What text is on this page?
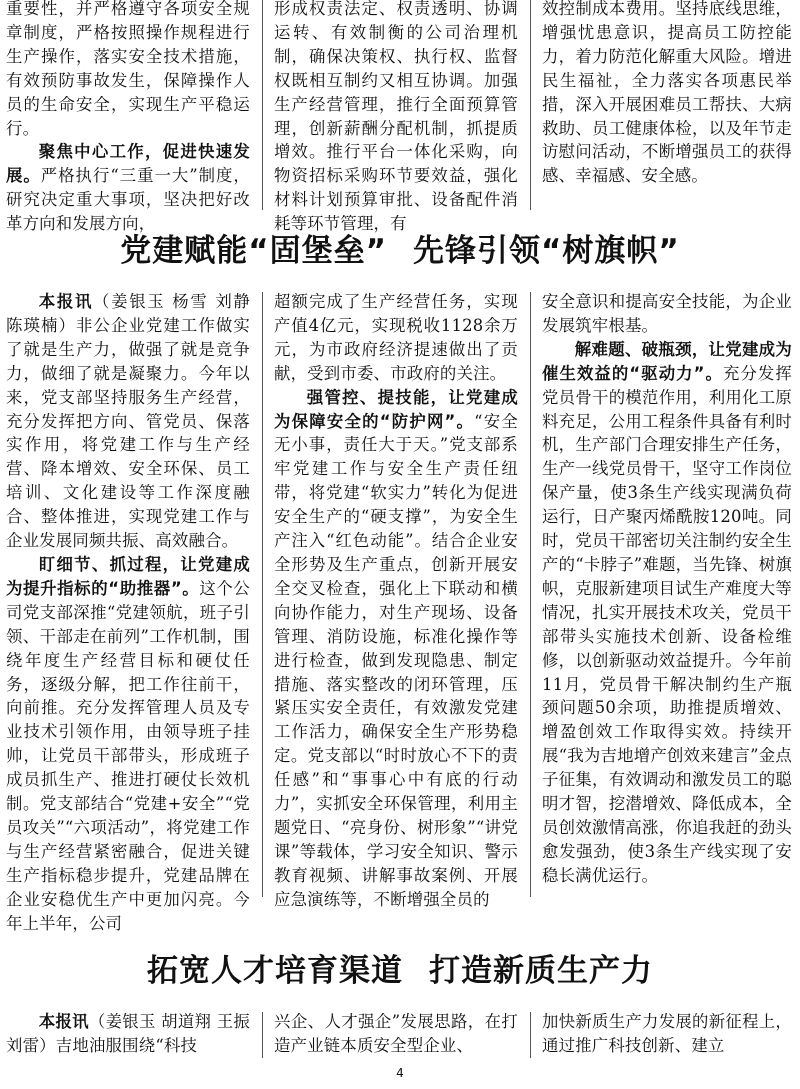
重要性，并严格遵守各项安全规章制度，严格按照操作规程进行生产操作，落实安全技术措施，有效预防事故发生，保障操作人员的生命安全，实现生产平稳运行。

聚焦中心工作，促进快速发展。严格执行“三重一大”制度，研究决定重大事项，坚决把好改革方向和发展方向，

形成权责法定、权责透明、协调运转、有效制衡的公司治理机制，确保决策权、执行权、监督权既相互制约又相互协调。加强生产经营管理，推行全面预算管理，创新薪酬分配机制，抓提质增效。推行平台一体化采购，向物资招标采购环节要效益，强化材料计划预算审批、设备配件消耗等环节管理，有

效控制成本费用。坚持底线思维，增强忧患意识，提高员工防控能力，着力防范化解重大风险。增进民生福祉，全力落实各项惠民举措，深入开展困难员工帮扶、大病救助、员工健康体检，以及年节走访慰问活动，不断增强员工的获得感、幸福感、安全感。

党建赋能“固堡垒” 先锋引领“树旗帜”

本报讯（姜银玉 杨雪 刘静 陈瑛楠）非公企业党建工作做实了就是生产力，做强了就是竞争力，做细了就是凝聚力。今年以来，党支部坚持服务生产经营，充分发挥把方向、管党员、保落实作用，将党建工作与生产经营、降本增效、安全环保、员工培训、文化建设等工作深度融合、整体推进，实现党建工作与企业发展同频共振、高效融合。

盯细节、抓过程，让党建成为提升指标的“助推器”。这个公司党支部深推“党建领航，班子引领、干部走在前列”工作机制，围绕年度生产经营目标和硬仗任务，逐级分解，把工作往前干，向前推。充分发挥管理人员及专业技术引领作用，由领导班子挂帅，让党员干部带头，形成班子成员抓生产、推进打硬仗长效机制。党支部结合“党建+安全”“党员攻关”“六项活动”，将党建工作与生产经营紧密融合，促进关键生产指标稳步提升，党建品牌在企业安稳优生产中更加闪亮。今年上半年，公司

超额完成了生产经营任务，实现产值4亿元，实现税收1128余万元，为市政府经济提速做出了贡献，受到市委、市政府的关注。

强管控、提技能，让党建成为保障安全的“防护网”。“安全无小事，责任大于天。”党支部系牢党建工作与安全生产责任纽带，将党建“软实力”转化为促进安全生产的“硬支撑”，为安全生产注入“红色动能”。结合企业安全形势及生产重点，创新开展安全交叉检查，强化上下联动和横向协作能力，对生产现场、设备管理、消防设施，标准化操作等进行检查，做到发现隐患、制定措施、落实整改的闭环管理，压紧压实安全责任，有效激发党建工作活力，确保安全生产形势稳定。党支部以“时时放心不下的责任感”和“事事心中有底的行动力”，实抓安全环保管理，利用主题党日、“亮身份、树形象”“讲党课”等载体，学习安全知识、警示教育视频、讲解事故案例、开展应急演练等，不断增强全员的

安全意识和提高安全技能，为企业发展筑牢根基。

解难题、破瓶颈，让党建成为催生效益的“驱动力”。充分发挥党员骨干的模范作用，利用化工原料充足，公用工程条件具备有利时机，生产部门合理安排生产任务，生产一线党员骨干，坚守工作岗位保产量，使3条生产线实现满负荷运行，日产聚丙烯酰胺120吨。同时，党员干部密切关注制约安全生产的“卡脖子”难题，当先锋、树旗帜，克服新建项目试生产难度大等情况，扎实开展技术攻关，党员干部带头实施技术创新、设备检维修，以创新驱动效益提升。今年前11月，党员骨干解决制约生产瓶颈问题50余项，助推提质增效、增盈创效工作取得实效。持续开展“我为吉地增产创效来建言”金点子征集，有效调动和激发员工的聪明才智，挖潜增效、降低成本，全员创效激情高涨，你追我赶的劲头愈发强劲，使3条生产线实现了安稳长满优运行。

拓宽人才培育渠道 打造新质生产力

本报讯（姜银玉 胡道翔 王振 刘雷）吉地油服围绕“科技

兴企、人才强企”发展思路，在打造产业链本质安全型企业、

加快新质生产力发展的新征程上，通过推广科技创新、建立

4
